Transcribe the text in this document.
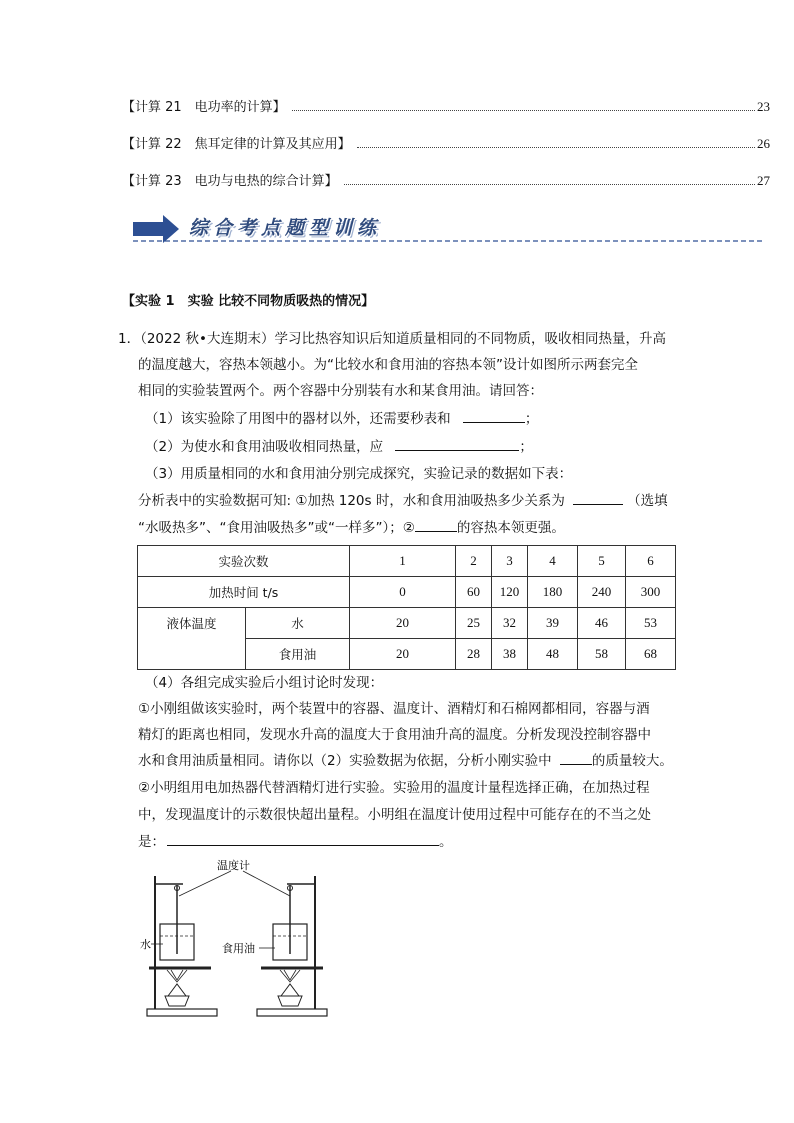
【计算 21　电功率的计算】	23
【计算 22　焦耳定律的计算及其应用】	26
【计算 23　电功与电热的综合计算】	27
综合考点题型训练
【实验 1　实验 比较不同物质吸热的情况】
1．（2022 秋•大连期末）学习比热容知识后知道质量相同的不同物质，吸收相同热量，升高
的温度越大，容热本领越小。为“比较水和食用油的容热本领”设计如图所示两套完全
相同的实验装置两个。两个容器中分别装有水和某食用油。请回答：
（1）该实验除了用图中的器材以外，还需要秒表和	；
（2）为使水和食用油吸收相同热量，应	；
（3）用质量相同的水和食用油分别完成探究，实验记录的数据如下表：
分析表中的实验数据可知: ①加热 120s 时，水和食用油吸热多少关系为	（选填
“水吸热多”、“食用油吸热多”或“一样多”）；②	的容热本领更强。
实验次数		1	2	3	4	5	6
加热时间 t/s		0	60	120	180	240	300
液体温度	水	20	25	32	39	46	53
	食用油	20	28	38	48	58	68
（4）各组完成实验后小组讨论时发现：
①小刚组做该实验时，两个装置中的容器、温度计、酒精灯和石棉网都相同，容器与酒
精灯的距离也相同，发现水升高的温度大于食用油升高的温度。分析发现没控制容器中
水和食用油质量相同。请你以（2）实验数据为依据，分析小刚实验中	的质量较大。
②小明组用电加热器代替酒精灯进行实验。实验用的温度计量程选择正确，在加热过程
中，发现温度计的示数很快超出量程。小明组在温度计使用过程中可能存在的不当之处
是：	。
温度计
水	食用油
